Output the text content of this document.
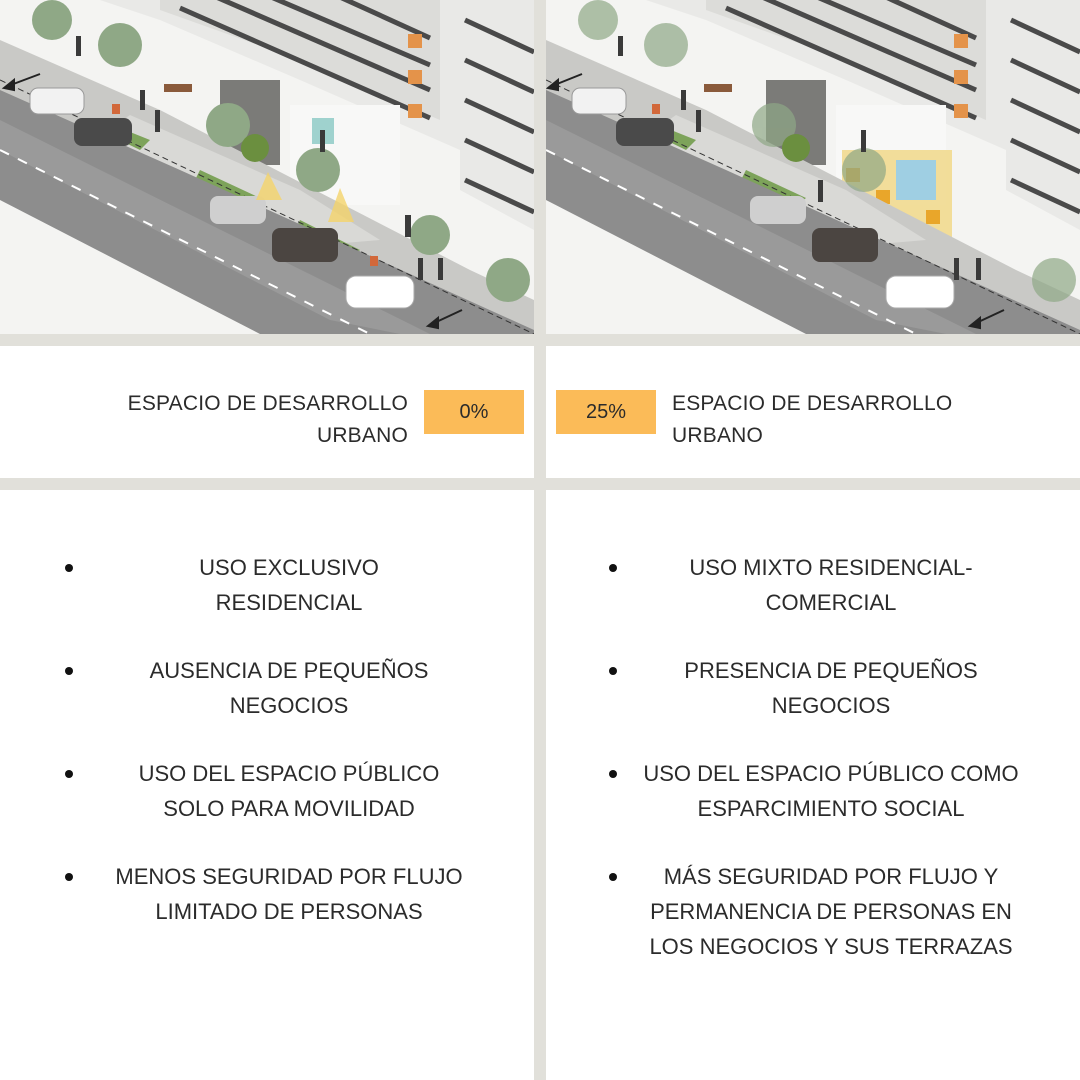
ESPACIO DE DESARROLLO
URBANO
0%	25%	ESPACIO DE DESARROLLO
URBANO
USO EXCLUSIVO
RESIDENCIAL
AUSENCIA DE PEQUEÑOS
NEGOCIOS
USO DEL ESPACIO PÚBLICO
SOLO PARA MOVILIDAD
MENOS SEGURIDAD POR FLUJO
LIMITADO DE PERSONAS
USO MIXTO RESIDENCIAL-
COMERCIAL
PRESENCIA DE PEQUEÑOS
NEGOCIOS
USO DEL ESPACIO PÚBLICO COMO
ESPARCIMIENTO SOCIAL
MÁS SEGURIDAD POR FLUJO Y
PERMANENCIA DE PERSONAS EN
LOS NEGOCIOS Y SUS TERRAZAS
